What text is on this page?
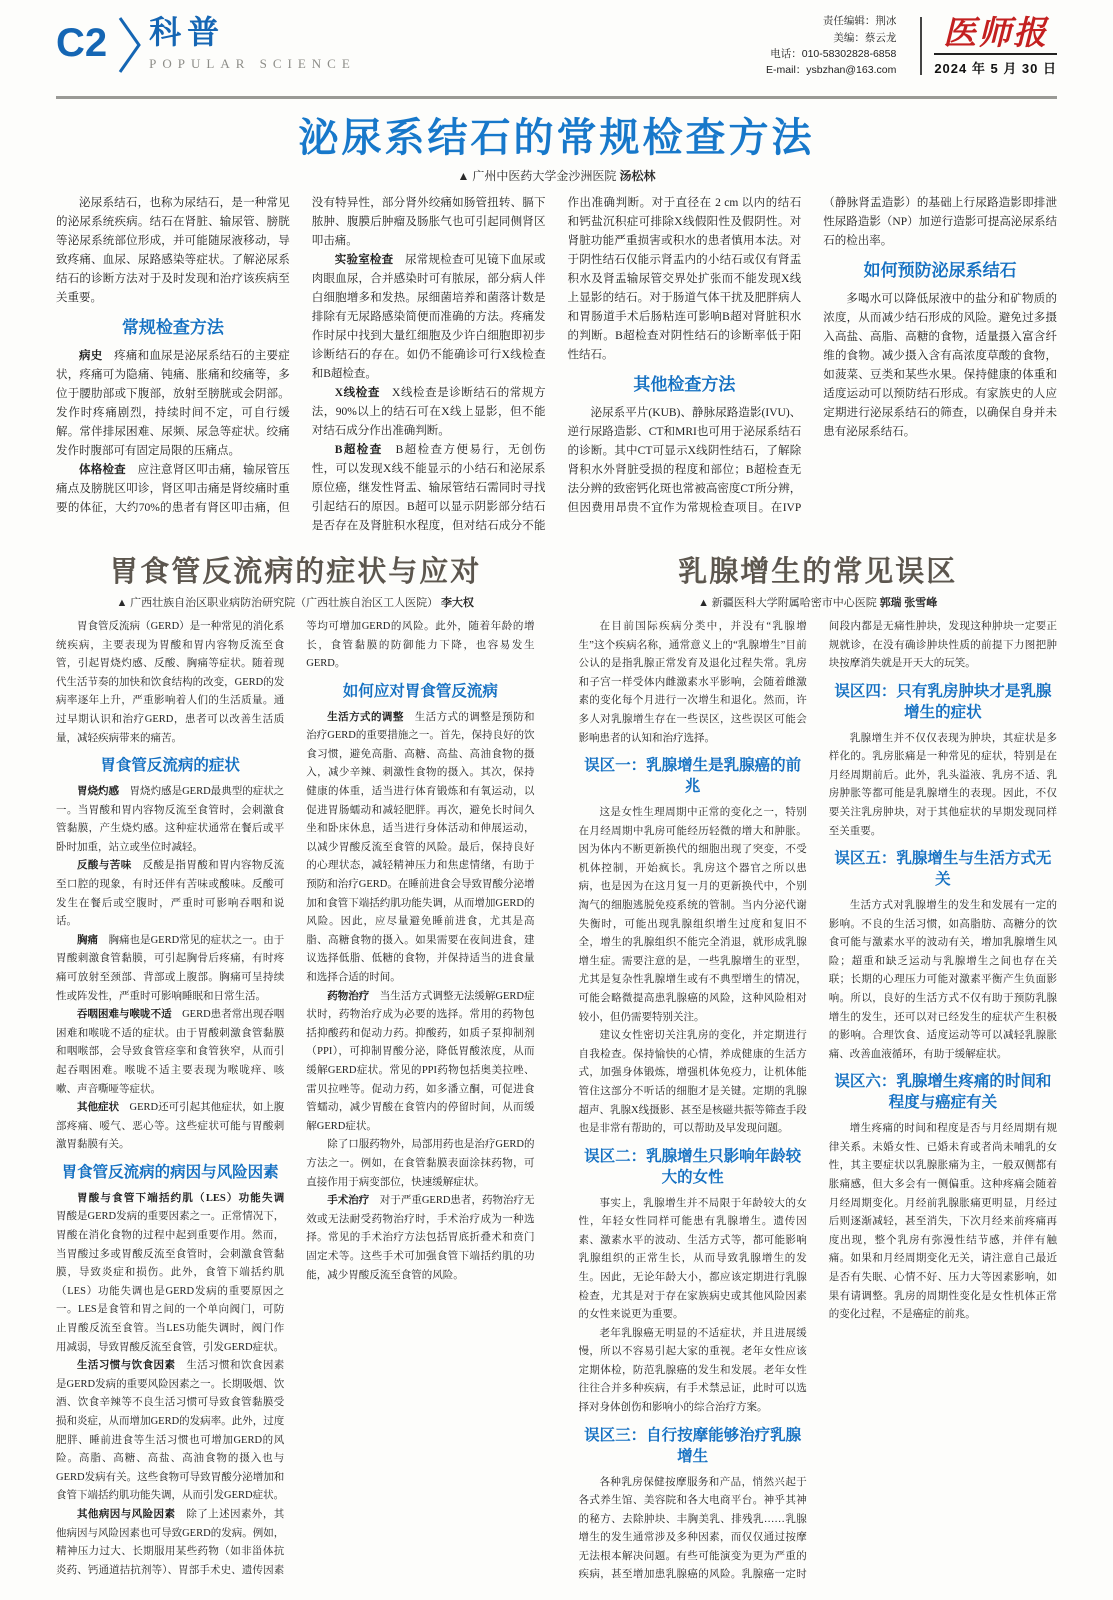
C2 科普
POPULAR SCIENCE
责任编辑：荆冰
美编：蔡云龙
电话：010-58302828-6858
E-mail：ysbzhan@163.com
医师报
2024 年 5 月 30 日
泌尿系结石的常规检查方法
▲ 广州中医药大学金沙洲医院 汤松林

泌尿系结石，也称为尿结石，是一种常见的泌尿系统疾病。结石在肾脏、输尿管、膀胱等泌尿系统部位形成，并可能随尿液移动，导致疼痛、血尿、尿路感染等症状。了解泌尿系结石的诊断方法对于及时发现和治疗该疾病至关重要。

常规检查方法

病史　疼痛和血尿是泌尿系结石的主要症状，疼痛可为隐痛、钝痛、胀痛和绞痛等，多位于腰肋部或下腹部，放射至膀胱或会阴部。发作时疼痛剧烈，持续时间不定，可自行缓解。常伴排尿困难、尿频、尿急等症状。绞痛发作时腹部可有固定局限的压痛点。

体格检查　应注意肾区叩击痛，输尿管压痛点及膀胱区叩诊，肾区叩击痛是肾绞痛时重要的体征，大约70%的患者有肾区叩击痛，但没有特异性，部分肾外绞痛如肠管扭转、膈下脓肿、腹膜后肿瘤及肠胀气也可引起同侧肾区叩击痛。

实验室检查　尿常规检查可见镜下血尿或肉眼血尿，合并感染时可有脓尿，部分病人伴白细胞增多和发热。尿细菌培养和菌落计数是排除有无尿路感染简便而准确的方法。疼痛发作时尿中找到大量红细胞及少许白细胞即初步诊断结石的存在。如仍不能确诊可行X线检查和B超检查。

X线检查　X线检查是诊断结石的常规方法，90%以上的结石可在X线上显影，但不能对结石成分作出准确判断。

B超检查　B超检查方便易行，无创伤性，可以发现X线不能显示的小结石和泌尿系原位癌，继发性肾盂、输尿管结石需同时寻找引起结石的原因。B超可以显示阴影部分结石是否存在及肾脏积水程度，但对结石成分不能作出准确判断。对于直径在 2 cm 以内的结石和钙盐沉积症可排除X线假阳性及假阴性。对肾脏功能严重损害或积水的患者慎用本法。对于阴性结石仅能示肾盂内的小结石或仅有肾盂积水及肾盂输尿管交界处扩张而不能发现X线上显影的结石。对于肠道气体干扰及肥胖病人和胃肠道手术后肠粘连可影响B超对肾脏积水的判断。B超检查对阴性结石的诊断率低于阳性结石。

其他检查方法

泌尿系平片(KUB)、静脉尿路造影(IVU)、逆行尿路造影、CT和MRI也可用于泌尿系结石的诊断。其中CT可显示X线阴性结石，了解除肾积水外肾脏受损的程度和部位；B超检查无法分辨的致密钙化斑也常被高密度CT所分辨，但因费用昂贵不宜作为常规检查项目。在IVP（静脉肾盂造影）的基础上行尿路造影即排泄性尿路造影（NP）加逆行造影可提高泌尿系结石的检出率。

如何预防泌尿系结石

多喝水可以降低尿液中的盐分和矿物质的浓度，从而减少结石形成的风险。避免过多摄入高盐、高脂、高糖的食物，适量摄入富含纤维的食物。减少摄入含有高浓度草酸的食物，如菠菜、豆类和某些水果。保持健康的体重和适度运动可以预防结石形成。有家族史的人应定期进行泌尿系结石的筛查，以确保自身并未患有泌尿系结石。

胃食管反流病的症状与应对
▲ 广西壮族自治区职业病防治研究院（广西壮族自治区工人医院） 李大权

胃食管反流病（GERD）是一种常见的消化系统疾病，主要表现为胃酸和胃内容物反流至食管，引起胃烧灼感、反酸、胸痛等症状。随着现代生活节奏的加快和饮食结构的改变，GERD的发病率逐年上升，严重影响着人们的生活质量。通过早期认识和治疗GERD，患者可以改善生活质量，减轻疾病带来的痛苦。

胃食管反流病的症状

胃烧灼感　胃烧灼感是GERD最典型的症状之一。当胃酸和胃内容物反流至食管时，会刺激食管黏膜，产生烧灼感。这种症状通常在餐后或平卧时加重，站立或坐位时减轻。

反酸与苦味　反酸是指胃酸和胃内容物反流至口腔的现象，有时还伴有苦味或酸味。反酸可发生在餐后或空腹时，严重时可影响吞咽和说话。

胸痛　胸痛也是GERD常见的症状之一。由于胃酸刺激食管黏膜，可引起胸骨后疼痛，有时疼痛可放射至颈部、背部或上腹部。胸痛可呈持续性或阵发性，严重时可影响睡眠和日常生活。

吞咽困难与喉咙不适　GERD患者常出现吞咽困难和喉咙不适的症状。由于胃酸刺激食管黏膜和咽喉部，会导致食管痉挛和食管狭窄，从而引起吞咽困难。喉咙不适主要表现为喉咙痒、咳嗽、声音嘶哑等症状。

其他症状　GERD还可引起其他症状，如上腹部疼痛、嗳气、恶心等。这些症状可能与胃酸刺激胃黏膜有关。

胃食管反流病的病因与风险因素

胃酸与食管下端括约肌（LES）功能失调　胃酸是GERD发病的重要因素之一。正常情况下，胃酸在消化食物的过程中起到重要作用。然而，当胃酸过多或胃酸反流至食管时，会刺激食管黏膜，导致炎症和损伤。此外，食管下端括约肌（LES）功能失调也是GERD发病的重要原因之一。LES是食管和胃之间的一个单向阀门，可防止胃酸反流至食管。当LES功能失调时，阀门作用减弱，导致胃酸反流至食管，引发GERD症状。

生活习惯与饮食因素　生活习惯和饮食因素是GERD发病的重要风险因素之一。长期吸烟、饮酒、饮食辛辣等不良生活习惯可导致食管黏膜受损和炎症，从而增加GERD的发病率。此外，过度肥胖、睡前进食等生活习惯也可增加GERD的风险。高脂、高糖、高盐、高油食物的摄入也与GERD发病有关。这些食物可导致胃酸分泌增加和食管下端括约肌功能失调，从而引发GERD症状。

其他病因与风险因素　除了上述因素外，其他病因与风险因素也可导致GERD的发病。例如，精神压力过大、长期服用某些药物（如非甾体抗炎药、钙通道拮抗剂等）、胃部手术史、遗传因素等均可增加GERD的风险。此外，随着年龄的增长，食管黏膜的防御能力下降，也容易发生GERD。

如何应对胃食管反流病

生活方式的调整　生活方式的调整是预防和治疗GERD的重要措施之一。首先，保持良好的饮食习惯，避免高脂、高糖、高盐、高油食物的摄入，减少辛辣、刺激性食物的摄入。其次，保持健康的体重，适当进行体育锻炼和有氧运动，以促进胃肠蠕动和减轻肥胖。再次，避免长时间久坐和卧床休息，适当进行身体活动和伸展运动，以减少胃酸反流至食管的风险。最后，保持良好的心理状态，减轻精神压力和焦虑情绪，有助于预防和治疗GERD。在睡前进食会导致胃酸分泌增加和食管下端括约肌功能失调，从而增加GERD的风险。因此，应尽量避免睡前进食，尤其是高脂、高糖食物的摄入。如果需要在夜间进食，建议选择低脂、低糖的食物，并保持适当的进食量和选择合适的时间。

药物治疗　当生活方式调整无法缓解GERD症状时，药物治疗成为必要的选择。常用的药物包括抑酸药和促动力药。抑酸药，如质子泵抑制剂（PPI），可抑制胃酸分泌，降低胃酸浓度，从而缓解GERD症状。常见的PPI药物包括奥美拉唑、雷贝拉唑等。促动力药，如多潘立酮，可促进食管蠕动，减少胃酸在食管内的停留时间，从而缓解GERD症状。

除了口服药物外，局部用药也是治疗GERD的方法之一。例如，在食管黏膜表面涂抹药物，可直接作用于病变部位，快速缓解症状。

手术治疗　对于严重GERD患者，药物治疗无效或无法耐受药物治疗时，手术治疗成为一种选择。常见的手术治疗方法包括胃底折叠术和贲门固定术等。这些手术可加强食管下端括约肌的功能，减少胃酸反流至食管的风险。

乳腺增生的常见误区
▲ 新疆医科大学附属哈密市中心医院 郭瑞 张雪峰

在目前国际疾病分类中，并没有“乳腺增生”这个疾病名称，通常意义上的“乳腺增生”目前公认的是指乳腺正常发育及退化过程失常。乳房和子宫一样受体内雌激素水平影响，会随着雌激素的变化每个月进行一次增生和退化。然而，许多人对乳腺增生存在一些误区，这些误区可能会影响患者的认知和治疗选择。

误区一：乳腺增生是乳腺癌的前兆

这是女性生理周期中正常的变化之一，特别在月经周期中乳房可能经历轻微的增大和肿胀。因为体内不断更新换代的细胞出现了突变，不受机体控制，开始疯长。乳房这个器官之所以患病，也是因为在这月复一月的更新换代中，个别淘气的细胞逃脱免疫系统的管制。当内分泌代谢失衡时，可能出现乳腺组织增生过度和复旧不全，增生的乳腺组织不能完全消退，就形成乳腺增生症。需要注意的是，一些乳腺增生的亚型，尤其是复杂性乳腺增生或有不典型增生的情况，可能会略微提高患乳腺癌的风险，这种风险相对较小，但仍需要特别关注。

建议女性密切关注乳房的变化，并定期进行自我检查。保持愉快的心情，养成健康的生活方式，加强身体锻炼，增强机体免疫力，让机体能管住这部分不听话的细胞才是关键。定期的乳腺超声、乳腺X线摄影、甚至是核磁共振等筛查手段也是非常有帮助的，可以帮助及早发现问题。

误区二：乳腺增生只影响年龄较大的女性

事实上，乳腺增生并不局限于年龄较大的女性，年轻女性同样可能患有乳腺增生。遗传因素、激素水平的波动、生活方式等，都可能影响乳腺组织的正常生长，从而导致乳腺增生的发生。因此，无论年龄大小，都应该定期进行乳腺检查，尤其是对于存在家族病史或其他风险因素的女性来说更为重要。

老年乳腺癌无明显的不适症状，并且进展缓慢，所以不容易引起大家的重视。老年女性应该定期体检，防范乳腺癌的发生和发展。老年女性往往合并多种疾病，有手术禁忌证，此时可以选择对身体创伤和影响小的综合治疗方案。

误区三：自行按摩能够治疗乳腺增生

各种乳房保健按摩服务和产品，悄然兴起于各式养生馆、美容院和各大电商平台。神乎其神的秘方、去除肿块、丰胸美乳、排残乳……乳腺增生的发生通常涉及多种因素，而仅仅通过按摩无法根本解决问题。有些可能演变为更为严重的疾病，甚至增加患乳腺癌的风险。乳腺癌一定时间段内都是无痛性肿块，发现这种肿块一定要正规就诊，在没有确诊肿块性质的前提下力图把肿块按摩消失就是开天大的玩笑。

误区四：只有乳房肿块才是乳腺增生的症状

乳腺增生并不仅仅表现为肿块，其症状是多样化的。乳房胀痛是一种常见的症状，特别是在月经周期前后。此外，乳头溢液、乳房不适、乳房肿胀等都可能是乳腺增生的表现。因此，不仅要关注乳房肿块，对于其他症状的早期发现同样至关重要。

误区五：乳腺增生与生活方式无关

生活方式对乳腺增生的发生和发展有一定的影响。不良的生活习惯，如高脂肪、高糖分的饮食可能与激素水平的波动有关，增加乳腺增生风险；超重和缺乏运动与乳腺增生之间也存在关联；长期的心理压力可能对激素平衡产生负面影响。所以，良好的生活方式不仅有助于预防乳腺增生的发生，还可以对已经发生的症状产生积极的影响。合理饮食、适度运动等可以减轻乳腺胀痛、改善血液循环，有助于缓解症状。

误区六：乳腺增生疼痛的时间和程度与癌症有关

增生疼痛的时间和程度是否与月经周期有规律关系。未婚女性、已婚未育或者尚未哺乳的女性，其主要症状以乳腺胀痛为主，一般双侧都有胀痛感，但大多会有一侧偏重。这种疼痛会随着月经周期变化。月经前乳腺胀痛更明显，月经过后则逐渐减轻，甚至消失，下次月经来前疼痛再度出现，整个乳房有弥漫性结节感，并伴有触痛。如果和月经周期变化无关，请注意自己最近是否有失眠、心情不好、压力大等因素影响，如果有请调整。乳房的周期性变化是女性机体正常的变化过程，不是癌症的前兆。
